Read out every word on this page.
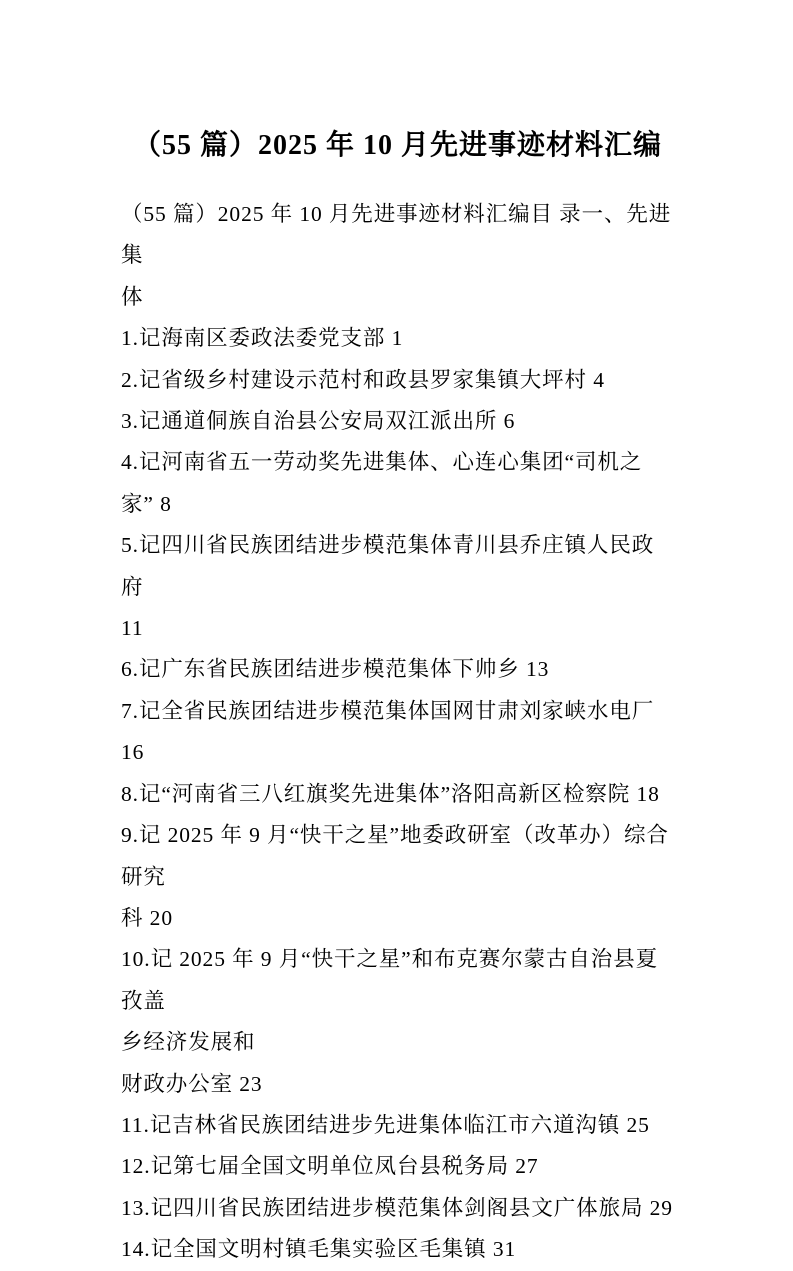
（55 篇）2025 年 10 月先进事迹材料汇编
（55 篇）2025 年 10 月先进事迹材料汇编目 录一、先进集
体
1.记海南区委政法委党支部 1
2.记省级乡村建设示范村和政县罗家集镇大坪村 4
3.记通道侗族自治县公安局双江派出所 6
4.记河南省五一劳动奖先进集体、心连心集团“司机之家” 8
5.记四川省民族团结进步模范集体青川县乔庄镇人民政府
11
6.记广东省民族团结进步模范集体下帅乡 13
7.记全省民族团结进步模范集体国网甘肃刘家峡水电厂 16
8.记“河南省三八红旗奖先进集体”洛阳高新区检察院 18
9.记 2025 年 9 月“快干之星”地委政研室（改革办）综合研究
科 20
10.记 2025 年 9 月“快干之星”和布克赛尔蒙古自治县夏孜盖
乡经济发展和
财政办公室 23
11.记吉林省民族团结进步先进集体临江市六道沟镇 25
12.记第七届全国文明单位凤台县税务局 27
13.记四川省民族团结进步模范集体剑阁县文广体旅局 29
14.记全国文明村镇毛集实验区毛集镇 31
